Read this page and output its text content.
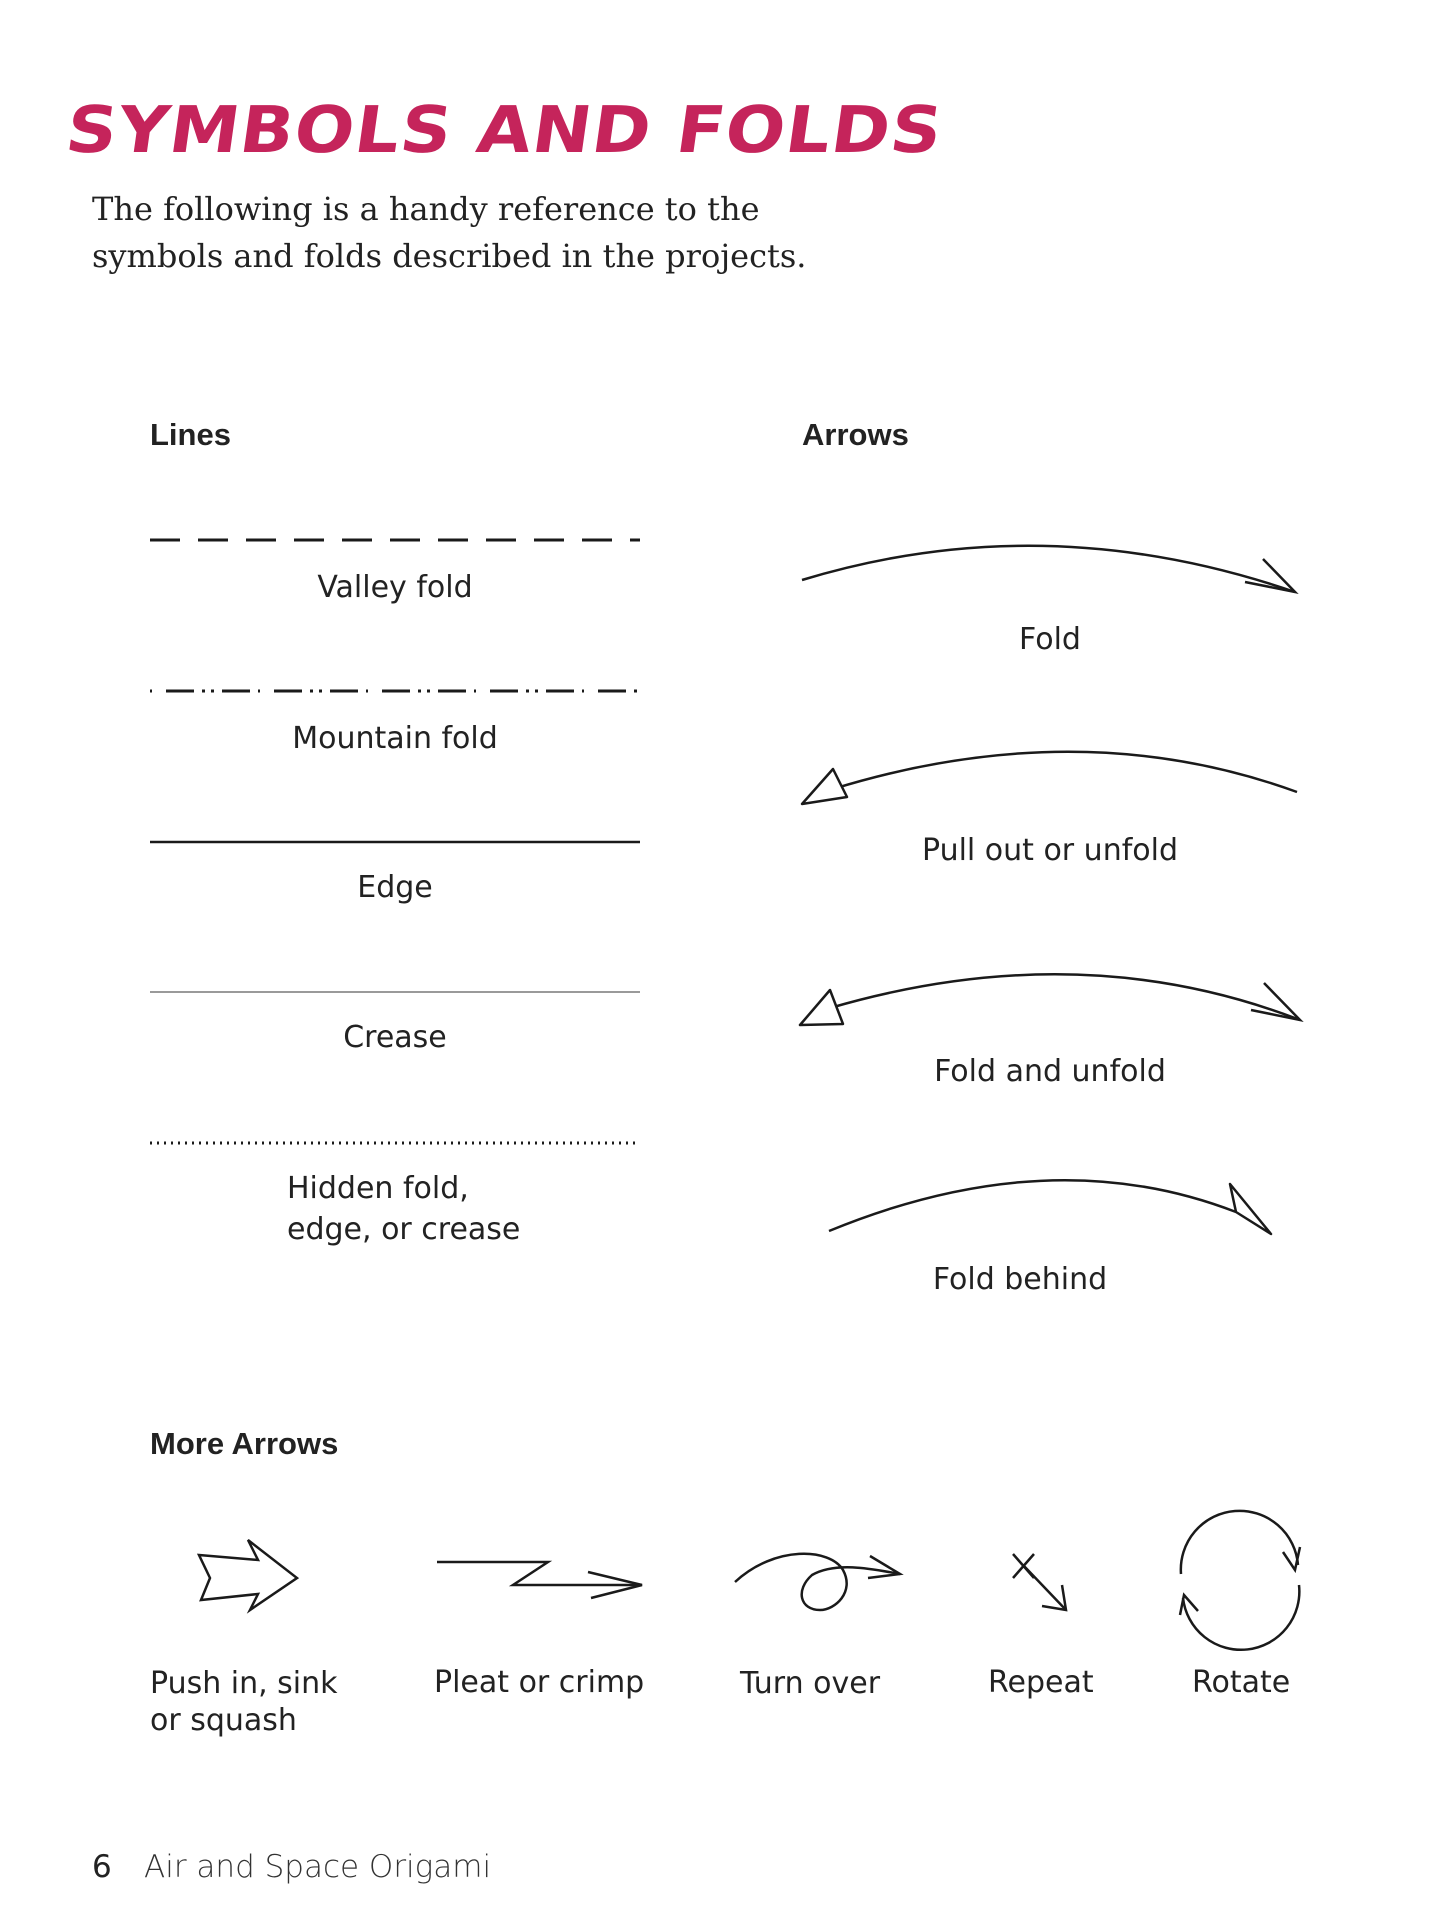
SYMBOLS AND FOLDS

The following is a handy reference to the symbols and folds described in the projects.

Lines

Valley fold

Mountain fold

Edge

Crease

Hidden fold,
edge, or crease

Arrows

Fold

Pull out or unfold

Fold and unfold

Fold behind

More Arrows

Push in, sink
or squash

Pleat or crimp	Turn over	Repeat	Rotate

6 Air and Space Origami
